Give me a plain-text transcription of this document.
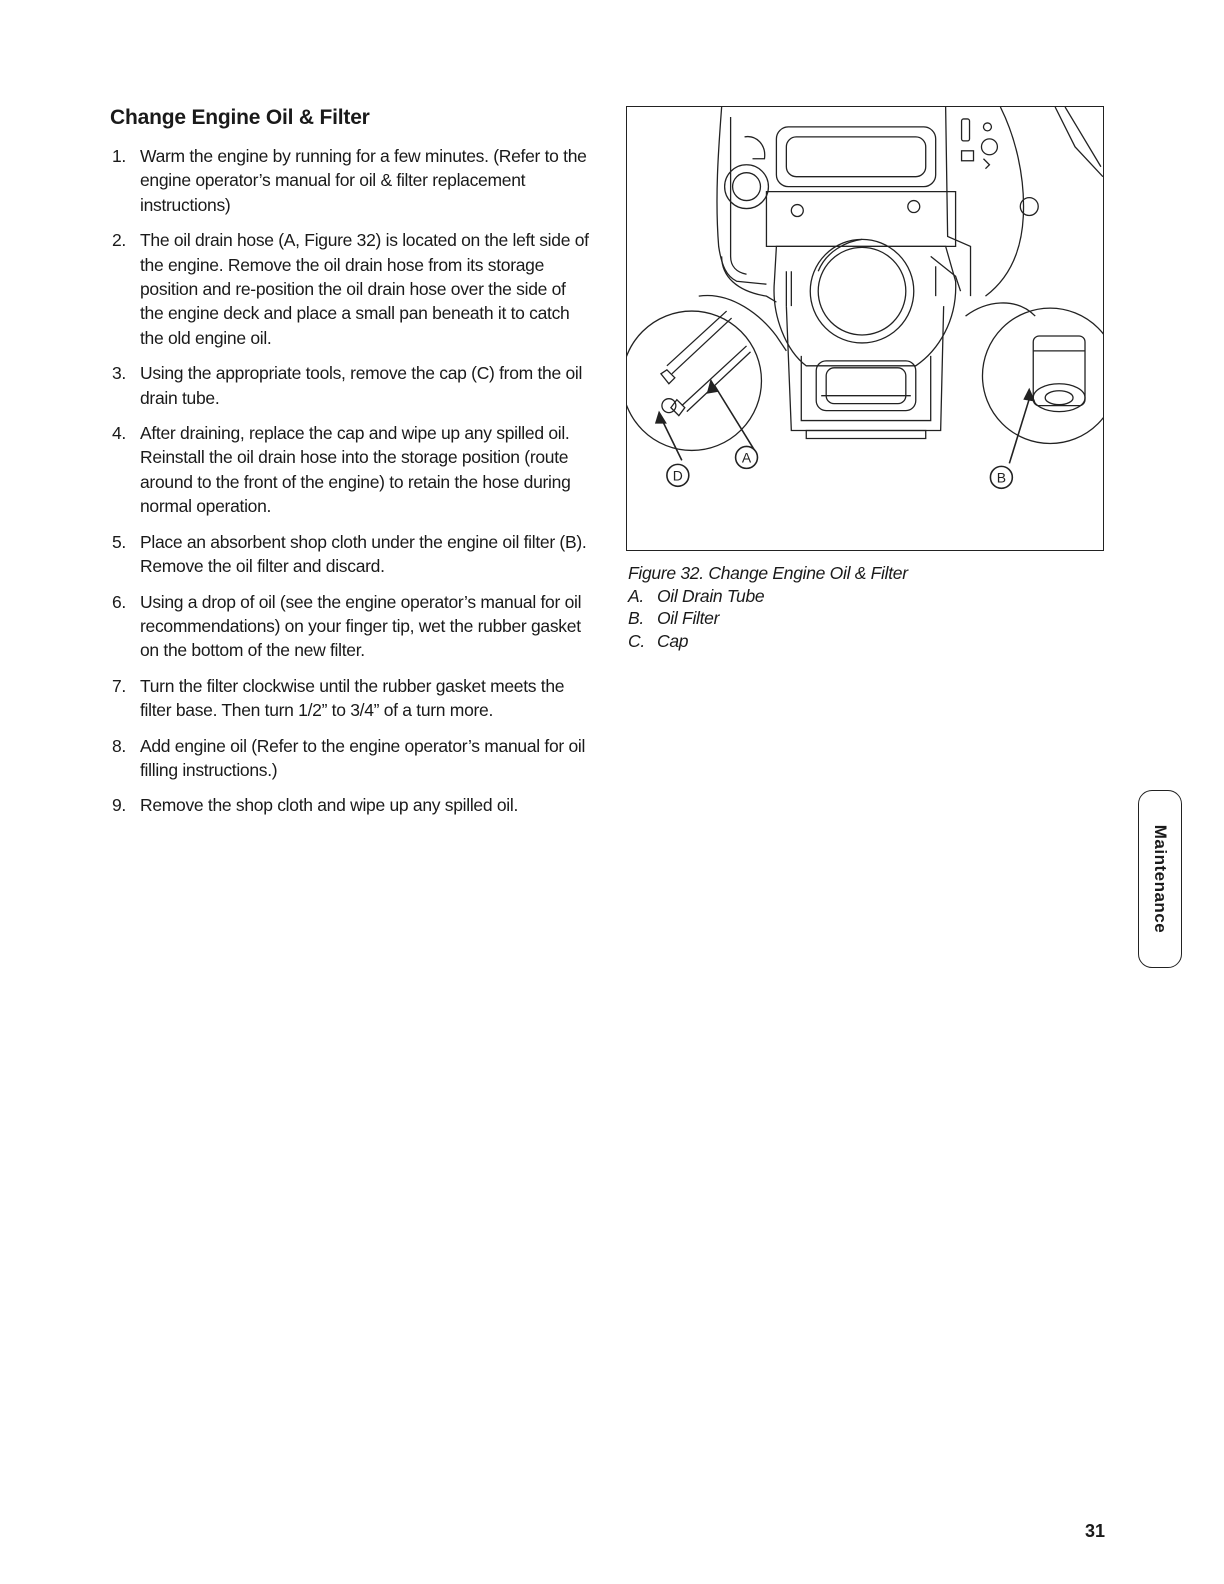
Change Engine Oil & Filter
1. Warm the engine by running for a few minutes. (Refer to the engine operator’s manual for oil & filter replacement instructions)
2. The oil drain hose (A, Figure 32) is located on the left side of the engine. Remove the oil drain hose from its storage position and re-position the oil drain hose over the side of the engine deck and place a small pan beneath it to catch the old engine oil.
3. Using the appropriate tools, remove the cap (C) from the oil drain tube.
4. After draining, replace the cap and wipe up any spilled oil. Reinstall the oil drain hose into the storage position (route around to the front of the engine) to retain the hose during normal operation.
5. Place an absorbent shop cloth under the engine oil filter (B). Remove the oil filter and discard.
6. Using a drop of oil (see the engine operator’s manual for oil recommendations) on your finger tip, wet the rubber gasket on the bottom of the new filter.
7. Turn the filter clockwise until the rubber gasket meets the filter base. Then turn 1/2” to 3/4” of a turn more.
8. Add engine oil (Refer to the engine operator’s manual for oil filling instructions.)
9. Remove the shop cloth and wipe up any spilled oil.
D
A
B
Figure 32. Change Engine Oil & Filter
A. Oil Drain Tube
B. Oil Filter
C. Cap
Maintenance
31
